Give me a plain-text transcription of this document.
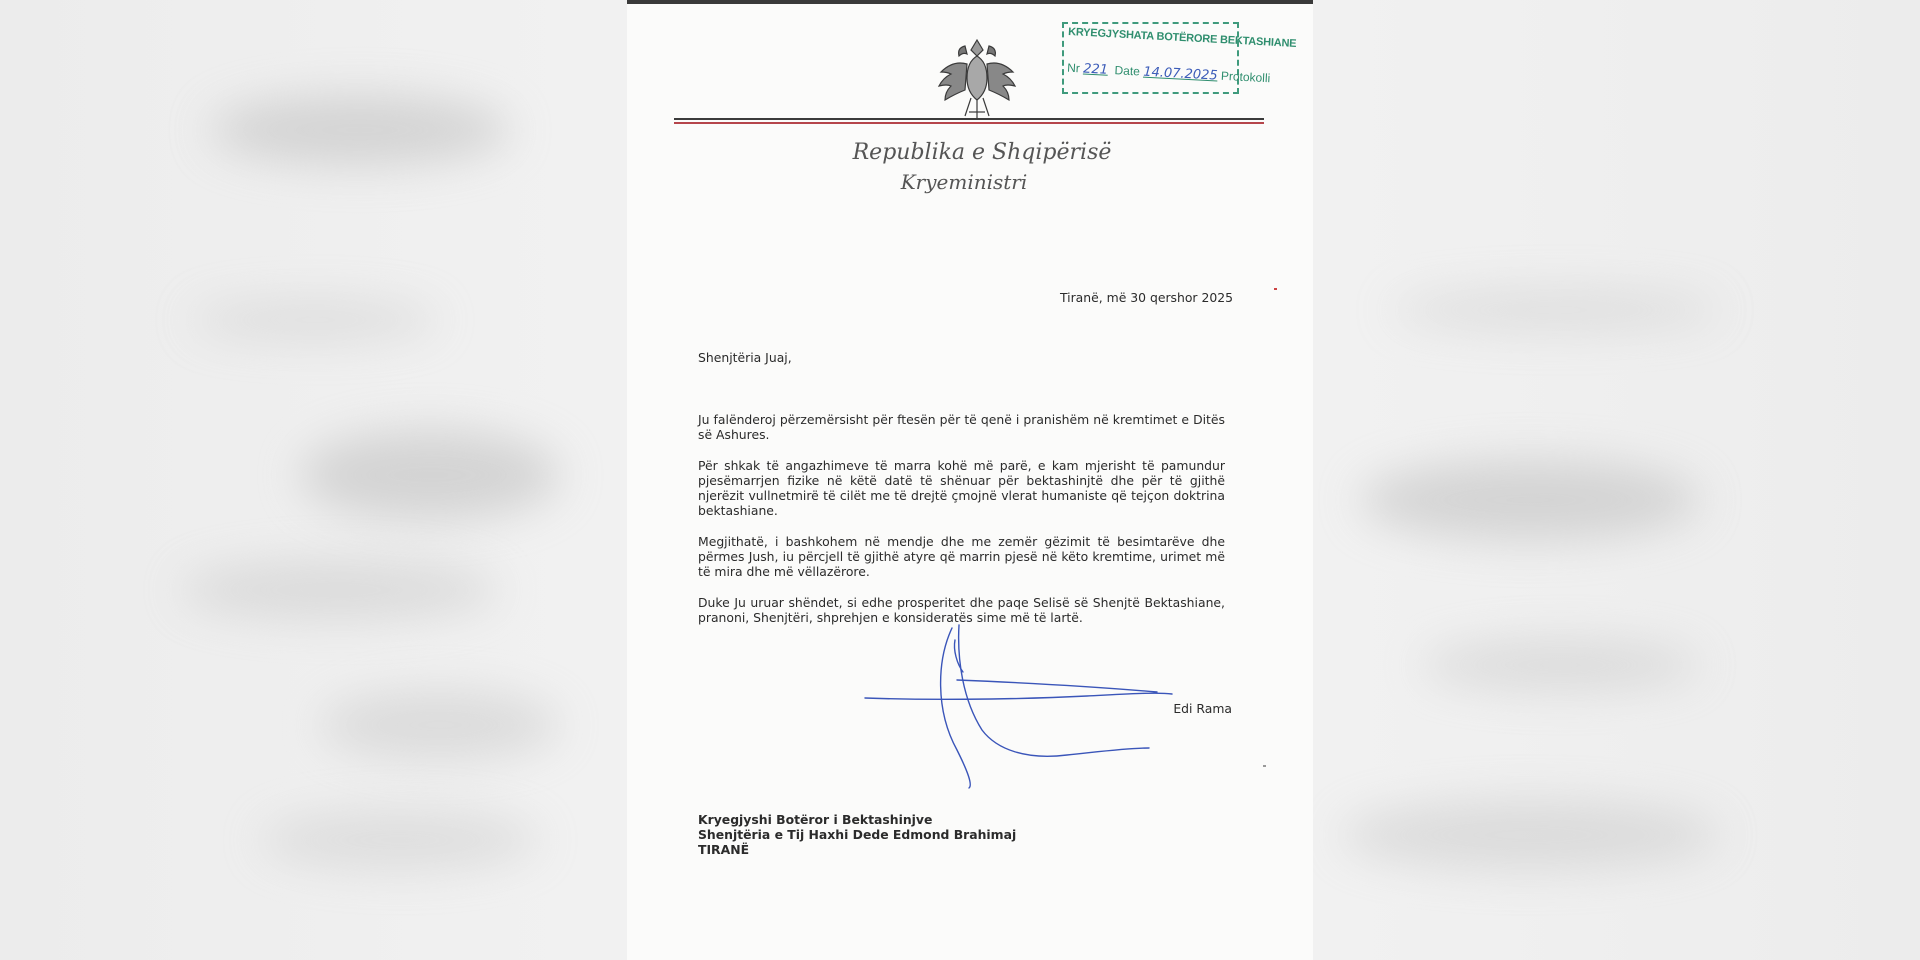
Republika e Shqipërisë
Kryeministri
KRYEGJYSHATA BOTËRORE BEKTASHIANE
Nr 221 Date 14.07.2025 Protokolli
Tiranë, më 30 qershor 2025
Shenjtëria Juaj,
Ju falënderoj përzemërsisht për ftesën për të qenë i pranishëm në kremtimet e Ditës së Ashures.
Për shkak të angazhimeve të marra kohë më parë, e kam mjerisht të pamundur pjesëmarrjen fizike në këtë datë të shënuar për bektashinjtë dhe për të gjithë njerëzit vullnetmirë të cilët me të drejtë çmojnë vlerat humaniste që tejçon doktrina bektashiane.
Megjithatë, i bashkohem në mendje dhe me zemër gëzimit të besimtarëve dhe përmes Jush, iu përcjell të gjithë atyre që marrin pjesë në këto kremtime, urimet më të mira dhe më vëllazërore.
Duke Ju uruar shëndet, si edhe prosperitet dhe paqe Selisë së Shenjtë Bektashiane, pranoni, Shenjtëri, shprehjen e konsideratës sime më të lartë.
Edi Rama
Kryegjyshi Botëror i Bektashinjve
Shenjtëria e Tij Haxhi Dede Edmond Brahimaj
TIRANË
